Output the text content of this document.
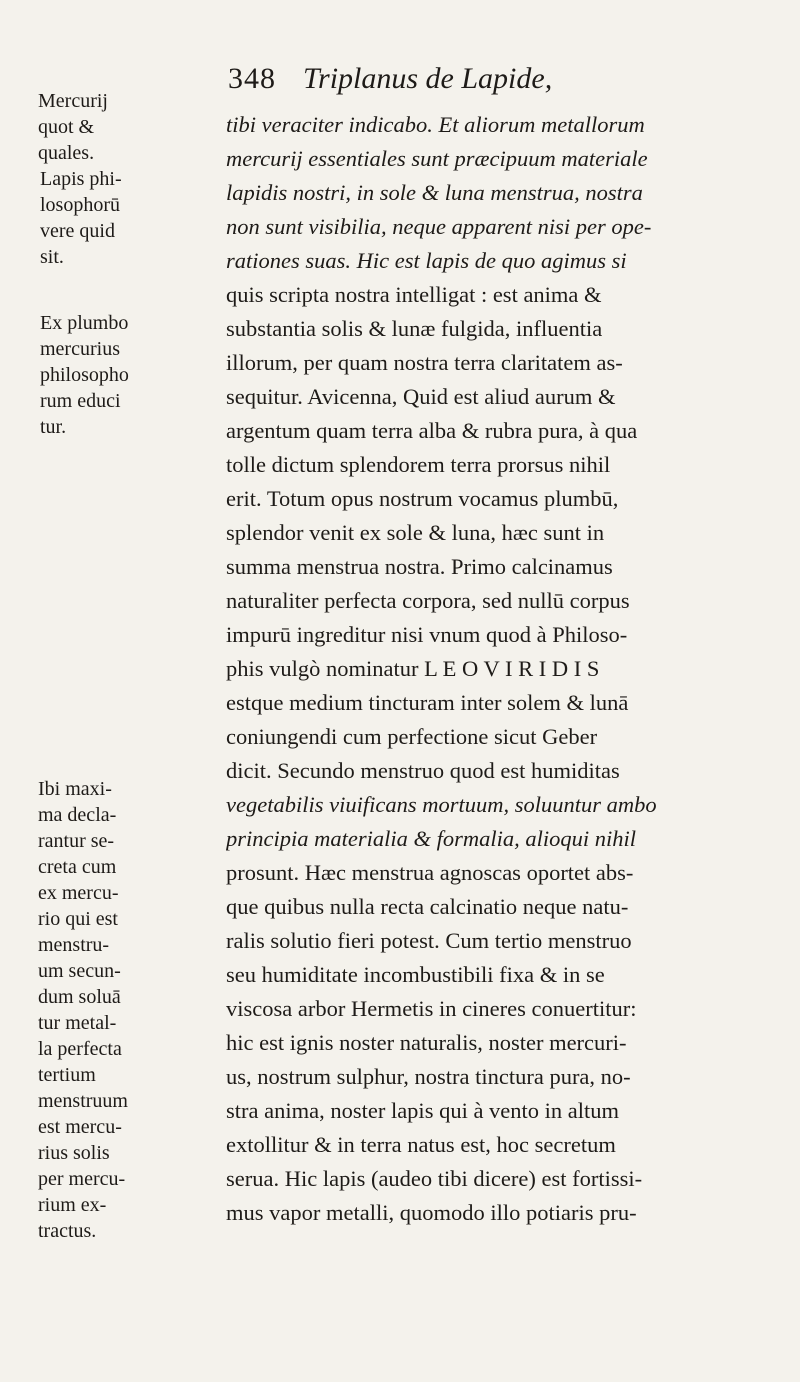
348 Triplanus de Lapide,
Mercurij
quot &
quales.
Lapis phi-
losophorū
vere quid
sit.
Ex plumbo
mercurius
philosopho
rum educi
tur.
Ibi maxi-
ma decla-
rantur se-
creta cum
ex mercu-
rio qui est
menstru-
um secun-
dum soluā
tur metal-
la perfecta
tertium
menstruum
est mercu-
rius solis
per mercu-
rium ex-
tractus.
tibi veraciter indicabo. Et aliorum metallorum
mercurij essentiales sunt præcipuum materiale
lapidis nostri, in sole & luna menstrua, nostra
non sunt visibilia, neque apparent nisi per ope-
rationes suas. Hic est lapis de quo agimus si
quis scripta nostra intelligat : est anima &
substantia solis & lunæ fulgida, influentia
illorum, per quam nostra terra claritatem as-
sequitur. Avicenna, Quid est aliud aurum &
argentum quam terra alba & rubra pura, à qua
tolle dictum splendorem terra prorsus nihil
erit. Totum opus nostrum vocamus plumbū,
splendor venit ex sole & luna, hæc sunt in
summa menstrua nostra. Primo calcinamus
naturaliter perfecta corpora, sed nullū corpus
impurū ingreditur nisi vnum quod à Philoso-
phis vulgò nominatur L E O V I R I D I S
estque medium tincturam inter solem & lunā
coniungendi cum perfectione sicut Geber
dicit. Secundo menstruo quod est humiditas
vegetabilis viuificans mortuum, soluuntur ambo
principia materialia & formalia, alioqui nihil
prosunt. Hæc menstrua agnoscas oportet abs-
que quibus nulla recta calcinatio neque natu-
ralis solutio fieri potest. Cum tertio menstruo
seu humiditate incombustibili fixa & in se
viscosa arbor Hermetis in cineres conuertitur:
hic est ignis noster naturalis, noster mercuri-
us, nostrum sulphur, nostra tinctura pura, no-
stra anima, noster lapis qui à vento in altum
extollitur & in terra natus est, hoc secretum
serua. Hic lapis (audeo tibi dicere) est fortissi-
mus vapor metalli, quomodo illo potiaris pru-
